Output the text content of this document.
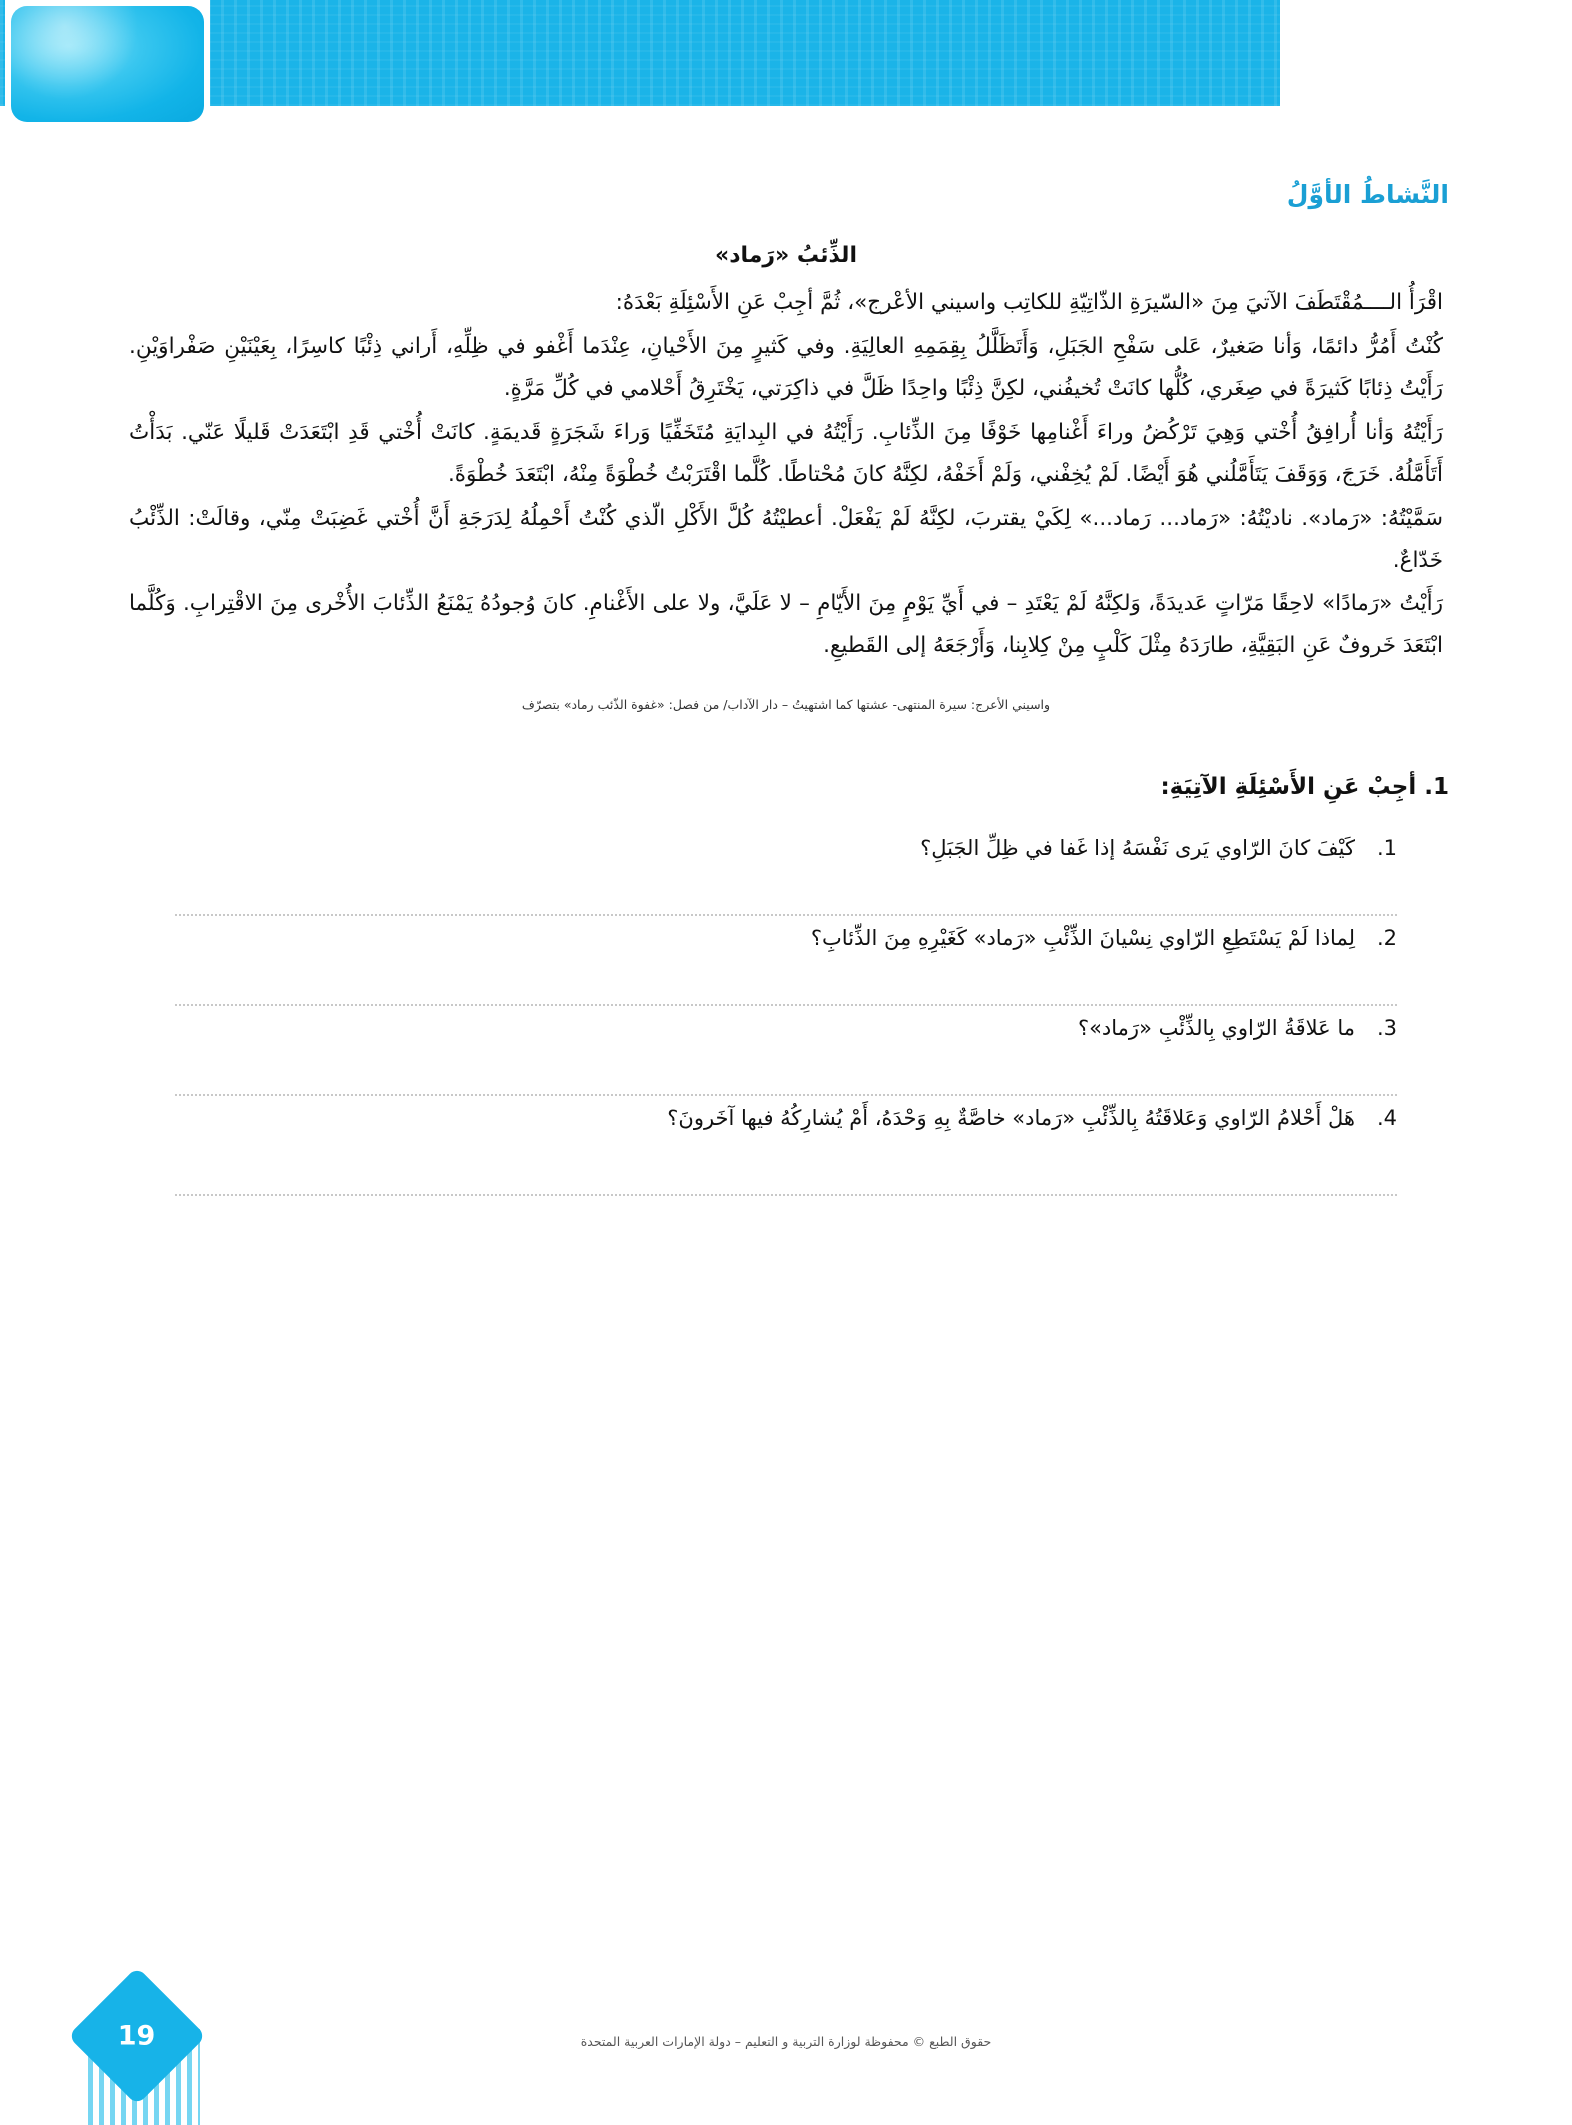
النَّشاطُ الأوَّلُ
الذِّئبُ «رَماد»

اقْرَأُ الــــمُقْتَطَفَ الآتيَ مِنَ «السّيرَةِ الذّاتِيّةِ للكاتِب واسيني الأعْرج»، ثُمَّ أجِبْ عَنِ الأَسْئِلَةِ بَعْدَهُ:

كُنْتُ أَمُرُّ دائمًا، وَأنا صَغيرٌ، عَلى سَفْحِ الجَبَلِ، وَأَتَظَلَّلُ بِقِمَمِهِ العالِيَةِ. وفي كَثيرٍ مِنَ الأَحْيانِ، عِنْدَما أَغْفو في ظِلِّهِ، أَراني ذِئْبًا كاسِرًا، بِعَيْنَيْنِ صَفْراوَيْنِ. رَأَيْتُ ذِئابًا كَثيرَةً في صِغَري، كُلُّها كانَتْ تُخيفُني، لكِنَّ ذِئْبًا واحِدًا ظَلَّ في ذاكِرَتي، يَخْتَرِقُ أَحْلامي في كُلِّ مَرَّةٍ.

رَأَيْتُهُ وَأنا أُرافِقُ أُخْتي وَهِيَ تَرْكُضُ وراءَ أَغْنامِها خَوْفًا مِنَ الذِّئابِ. رَأَيْتُهُ في البِدايَةِ مُتَخَفِّيًا وَراءَ شَجَرَةٍ قَديمَةٍ. كانَتْ أُخْتي قَدِ ابْتَعَدَتْ قَليلًا عَنّي. بَدَأْتُ أَتَأَمَّلُهُ. خَرَجَ، وَوَقَفَ يَتَأَمَّلُني هُوَ أَيْضًا. لَمْ يُخِفْني، وَلَمْ أَخَفْهُ، لكِنَّهُ كانَ مُحْتاطًا. كُلَّما اقْتَرَبْتُ خُطْوَةً مِنْهُ، ابْتَعَدَ خُطْوَةً.

سَمَّيْتُهُ: «رَماد». ناديْتُهُ: «رَماد... رَماد...» لِكَيْ يقتربَ، لكِنَّهُ لَمْ يَفْعَلْ. أعطيْتُهُ كُلَّ الأَكْلِ الّذي كُنْتُ أَحْمِلُهُ لِدَرَجَةِ أَنَّ أُخْتي غَضِبَتْ مِنّي، وقالَتْ: الذِّئْبُ خَدّاعٌ.

رَأَيْتُ «رَمادًا» لاحِقًا مَرّاتٍ عَديدَةً، وَلكِنَّهُ لَمْ يَعْتَدِ – في أَيِّ يَوْمٍ مِنَ الأَيّامِ – لا عَلَيَّ، ولا على الأَغْنامِ. كانَ وُجودُهُ يَمْنَعُ الذِّئابَ الأُخْرى مِنَ الاقْتِرابِ. وَكُلَّما ابْتَعَدَ خَروفٌ عَنِ البَقِيَّةِ، طارَدَهُ مِثْلَ كَلْبٍ مِنْ كِلابِنا، وَأَرْجَعَهُ إلى القَطيعِ.

واسيني الأعرج: سيرة المنتهى- عشتها كما اشتهيتُ – دار الآداب/ من فصل: «غفوة الذّئب رماد» بتصرّف
1. أجِبْ عَنِ الأَسْئِلَةِ الآتِيَةِ:
1.
كَيْفَ كانَ الرّاوي يَرى نَفْسَهُ إذا غَفا في ظِلِّ الجَبَلِ؟
2.
لِماذا لَمْ يَسْتَطِعِ الرّاوي نِسْيانَ الذِّئْبِ «رَماد» كَغَيْرِهِ مِنَ الذِّئابِ؟
3.
ما عَلاقَةُ الرّاوي بِالذِّئْبِ «رَماد»؟
4.
هَلْ أَحْلامُ الرّاوي وَعَلاقَتُهُ بِالذِّئْبِ «رَماد» خاصَّةٌ بِهِ وَحْدَهُ، أَمْ يُشارِكُهُ فيها آخَرونَ؟
19	حقوق الطبع © محفوظة لوزارة التربية و التعليم – دولة الإمارات العربية المتحدة
